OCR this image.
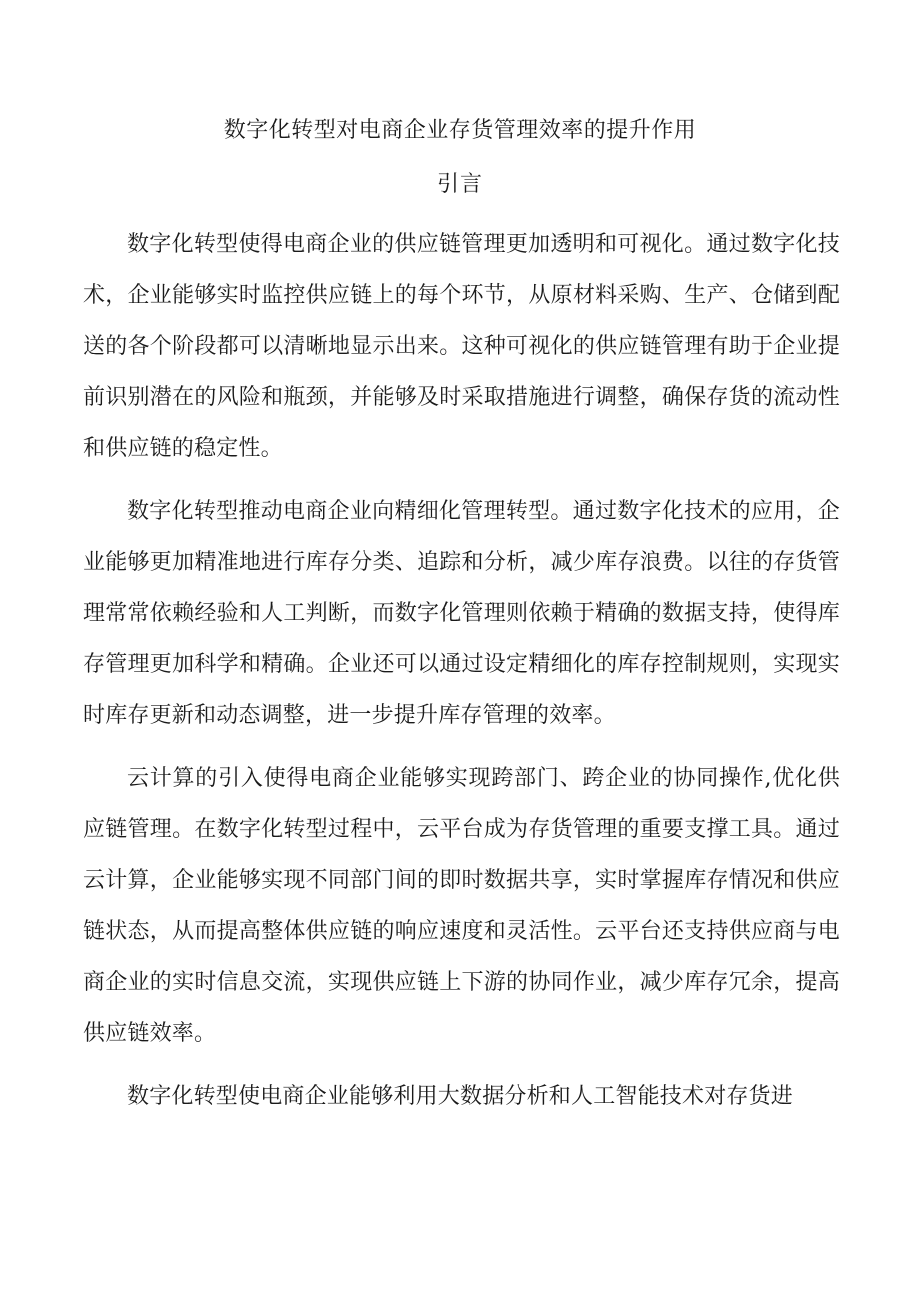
数字化转型对电商企业存货管理效率的提升作用
引言

数字化转型使得电商企业的供应链管理更加透明和可视化。通过数字化技术，企业能够实时监控供应链上的每个环节，从原材料采购、生产、仓储到配送的各个阶段都可以清晰地显示出来。这种可视化的供应链管理有助于企业提前识别潜在的风险和瓶颈，并能够及时采取措施进行调整，确保存货的流动性和供应链的稳定性。

数字化转型推动电商企业向精细化管理转型。通过数字化技术的应用，企业能够更加精准地进行库存分类、追踪和分析，减少库存浪费。以往的存货管理常常依赖经验和人工判断，而数字化管理则依赖于精确的数据支持，使得库存管理更加科学和精确。企业还可以通过设定精细化的库存控制规则，实现实时库存更新和动态调整，进一步提升库存管理的效率。

云计算的引入使得电商企业能够实现跨部门、跨企业的协同操作,优化供应链管理。在数字化转型过程中，云平台成为存货管理的重要支撑工具。通过云计算，企业能够实现不同部门间的即时数据共享，实时掌握库存情况和供应链状态，从而提高整体供应链的响应速度和灵活性。云平台还支持供应商与电商企业的实时信息交流，实现供应链上下游的协同作业，减少库存冗余，提高供应链效率。

数字化转型使电商企业能够利用大数据分析和人工智能技术对存货进
